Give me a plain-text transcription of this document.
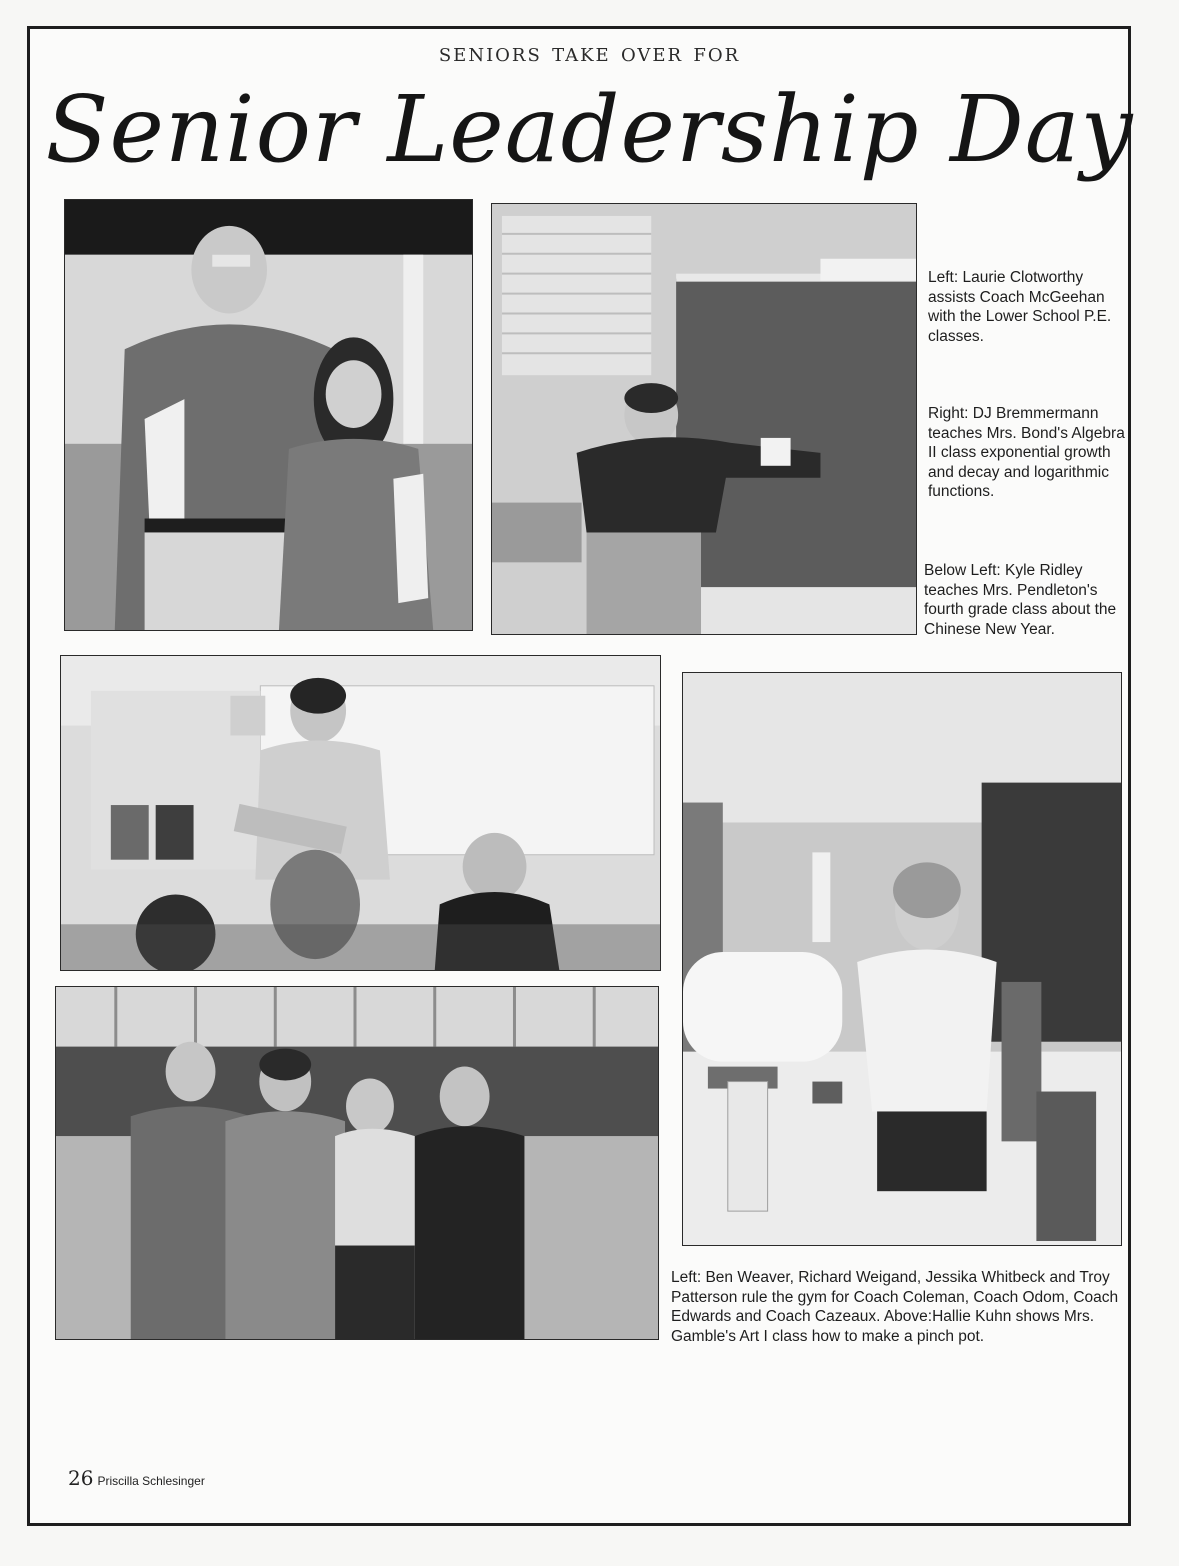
seniors take over for
Senior Leadership Day
Left: Laurie Clotworthy assists Coach McGeehan with the Lower School P.E. classes.
Right: DJ Bremmermann teaches Mrs. Bond's Algebra II class exponential growth and decay and logarithmic functions.
Below Left: Kyle Ridley teaches Mrs. Pendleton's fourth grade class about the Chinese New Year.
Left: Ben Weaver, Richard Weigand, Jessika Whitbeck and Troy Patterson rule the gym for Coach Coleman, Coach Odom, Coach Edwards and Coach Cazeaux. Above:Hallie Kuhn shows Mrs. Gamble's Art I class how to make a pinch pot.
26 Priscilla Schlesinger
